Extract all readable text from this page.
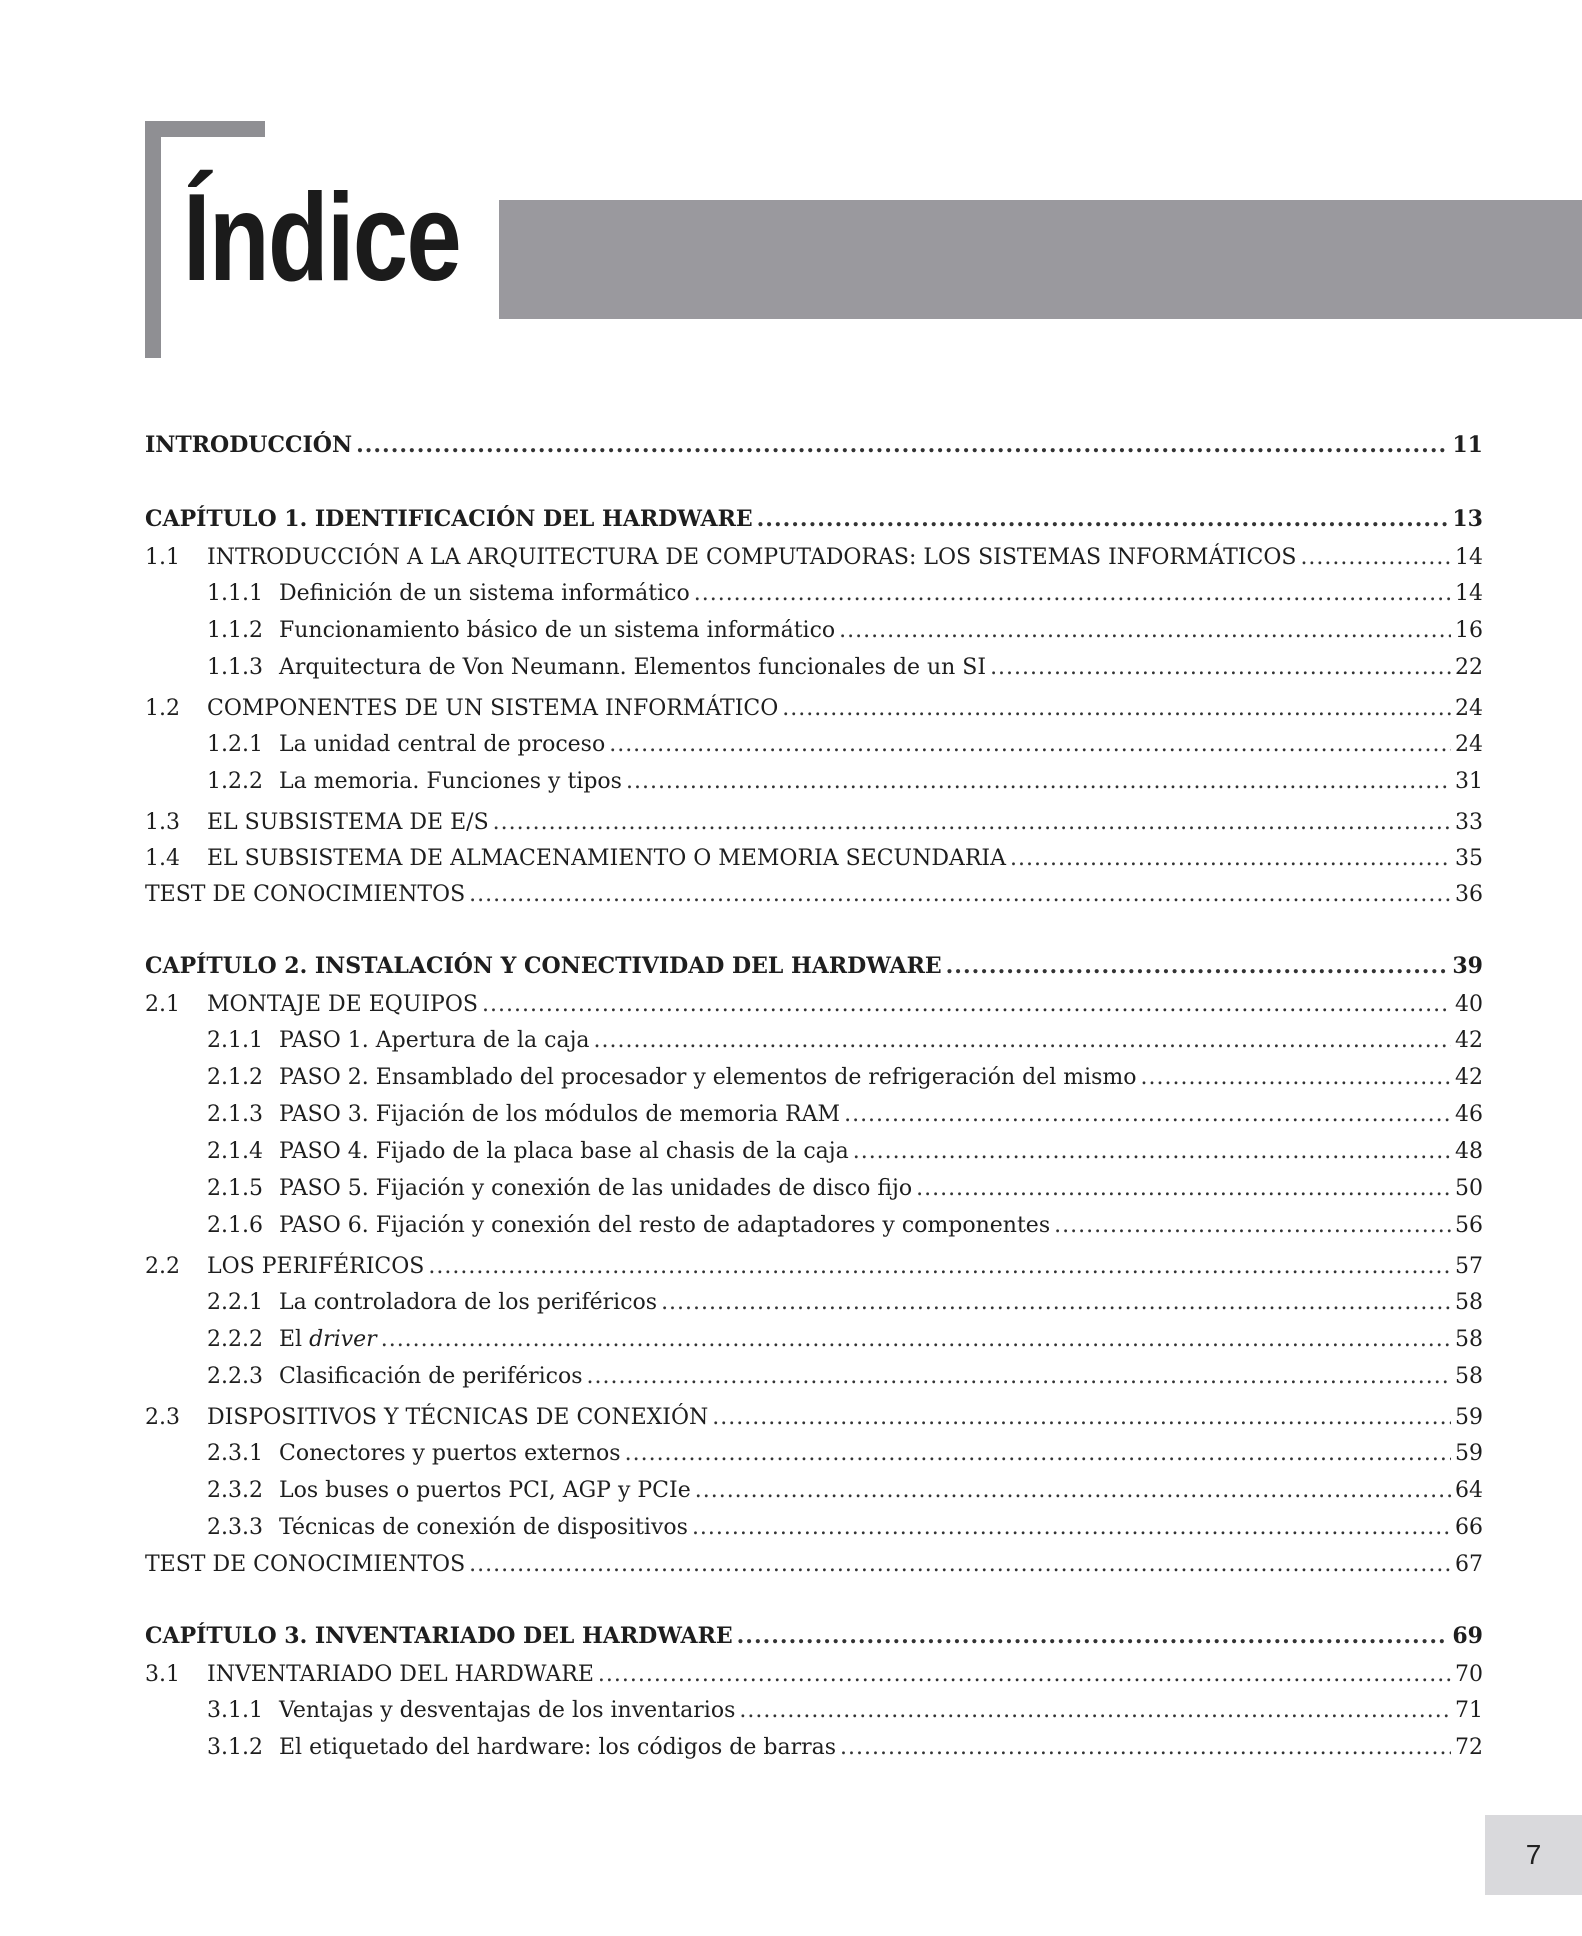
Índice
INTRODUCCIÓN .....	11
CAPÍTULO 1. IDENTIFICACIÓN DEL HARDWARE .....	13
1.1	INTRODUCCIÓN A LA ARQUITECTURA DE COMPUTADORAS: LOS SISTEMAS INFORMÁTICOS .....	14
1.1.1 Definición de un sistema informático .....	14
1.1.2 Funcionamiento básico de un sistema informático .....	16
1.1.3 Arquitectura de Von Neumann. Elementos funcionales de un SI .....	22
1.2	COMPONENTES DE UN SISTEMA INFORMÁTICO .....	24
1.2.1 La unidad central de proceso .....	24
1.2.2 La memoria. Funciones y tipos .....	31
1.3	EL SUBSISTEMA DE E/S .....	33
1.4	EL SUBSISTEMA DE ALMACENAMIENTO O MEMORIA SECUNDARIA .....	35
TEST DE CONOCIMIENTOS .....	36
CAPÍTULO 2. INSTALACIÓN Y CONECTIVIDAD DEL HARDWARE .....	39
2.1	MONTAJE DE EQUIPOS .....	40
2.1.1 PASO 1. Apertura de la caja .....	42
2.1.2 PASO 2. Ensamblado del procesador y elementos de refrigeración del mismo .....	42
2.1.3 PASO 3. Fijación de los módulos de memoria RAM .....	46
2.1.4 PASO 4. Fijado de la placa base al chasis de la caja .....	48
2.1.5 PASO 5. Fijación y conexión de las unidades de disco fijo .....	50
2.1.6 PASO 6. Fijación y conexión del resto de adaptadores y componentes .....	56
2.2	LOS PERIFÉRICOS .....	57
2.2.1 La controladora de los periféricos .....	58
2.2.2 El driver .....	58
2.2.3 Clasificación de periféricos .....	58
2.3	DISPOSITIVOS Y TÉCNICAS DE CONEXIÓN .....	59
2.3.1 Conectores y puertos externos .....	59
2.3.2 Los buses o puertos PCI, AGP y PCIe .....	64
2.3.3 Técnicas de conexión de dispositivos .....	66
TEST DE CONOCIMIENTOS .....	67
CAPÍTULO 3. INVENTARIADO DEL HARDWARE .....	69
3.1	INVENTARIADO DEL HARDWARE .....	70
3.1.1 Ventajas y desventajas de los inventarios .....	71
3.1.2 El etiquetado del hardware: los códigos de barras .....	72
7
